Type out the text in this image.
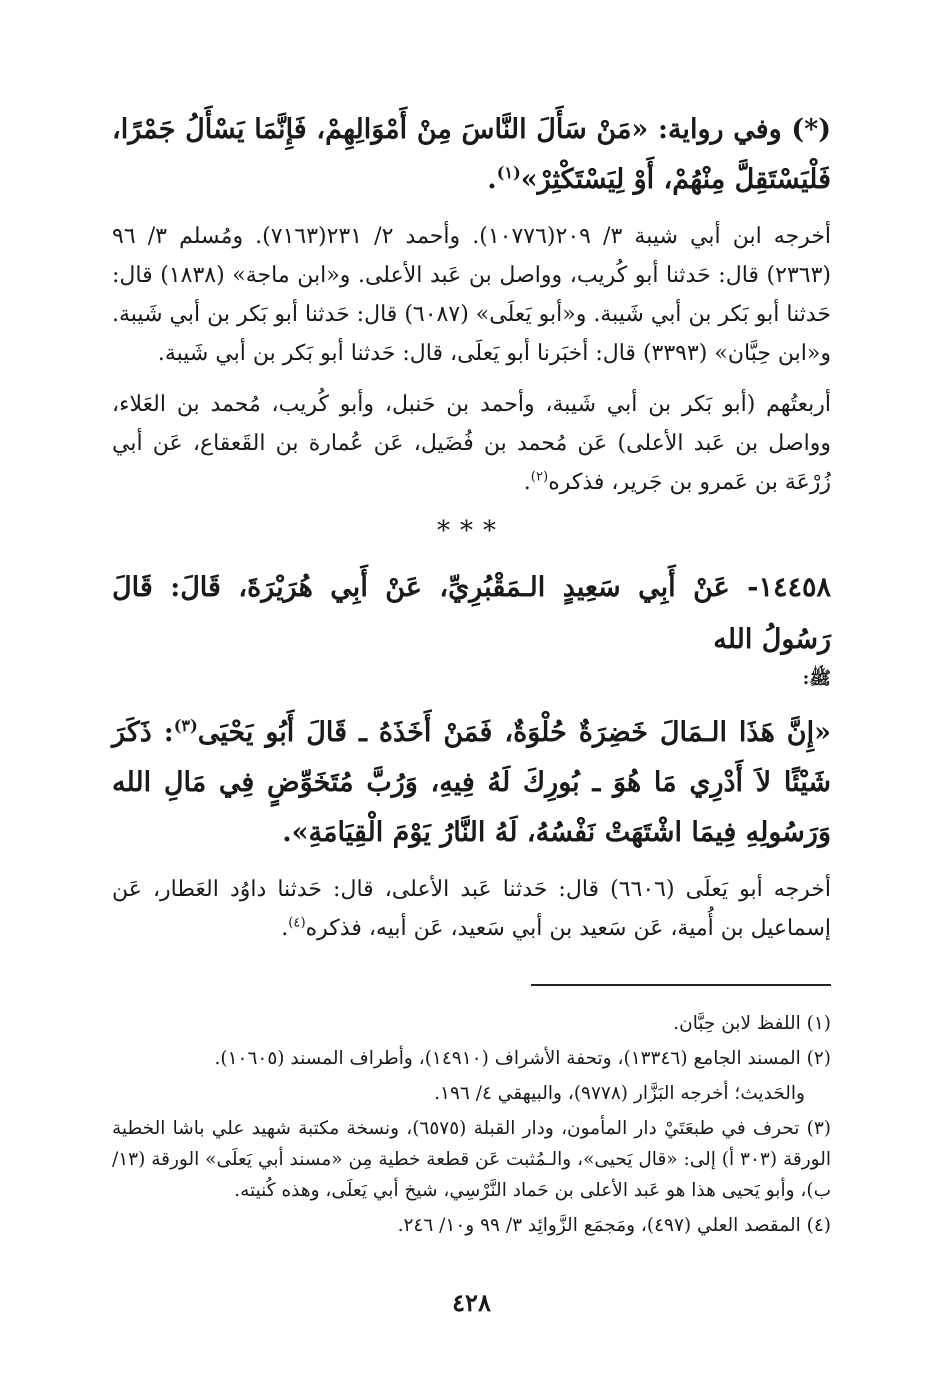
(*) وفي رواية: «مَنْ سَأَلَ النَّاسَ مِنْ أَمْوَالِهِمْ، فَإِنَّمَا يَسْأَلُ جَمْرًا، فَلْيَسْتَقِلَّ مِنْهُمْ، أَوْ لِيَسْتَكْثِرْ»$^{(١)}$.

أخرجه ابن أبي شيبة ٣/ ٢٠٩(١٠٧٧٦). وأحمد ٢/ ٢٣١(٧١٦٣). ومُسلم ٣/ ٩٦ (٢٣٦٣) قال: حَدثنا أبو كُريب، وواصل بن عَبد الأعلى. و«ابن ماجة» (١٨٣٨) قال: حَدثنا أبو بَكر بن أبي شَيبة. و«أبو يَعلَى» (٦٠٨٧) قال: حَدثنا أبو بَكر بن أبي شَيبة. و«ابن حِبَّان» (٣٣٩٣) قال: أخبَرنا أبو يَعلَى، قال: حَدثنا أبو بَكر بن أبي شَيبة.

أربعتُهم (أبو بَكر بن أبي شَيبة، وأحمد بن حَنبل، وأبو كُريب، مُحمد بن العَلاء، وواصل بن عَبد الأعلى) عَن مُحمد بن فُضَيل، عَن عُمارة بن القَعقاع، عَن أبي زُرْعَة بن عَمرو بن جَرير، فذكره$^{(٢)}$.

***

١٤٤٥٨- عَنْ أَبِي سَعِيدٍ الـمَقْبُرِيِّ، عَنْ أَبِي هُرَيْرَةَ، قَالَ: قَالَ رَسُولُ الله

ﷺ:

«إِنَّ هَذَا الـمَالَ خَضِرَةٌ حُلْوَةٌ، فَمَنْ أَخَذَهُ ـ قَالَ أَبُو يَحْيَى$^{(٣)}$: ذَكَرَ شَيْئًا لاَ أَدْرِي مَا هُوَ ـ بُورِكَ لَهُ فِيهِ، وَرُبَّ مُتَخَوِّضٍ فِي مَالِ الله وَرَسُولِهِ فِيمَا اشْتَهَتْ نَفْسُهُ، لَهُ النَّارُ يَوْمَ الْقِيَامَةِ».

أخرجه أبو يَعلَى (٦٦٠٦) قال: حَدثنا عَبد الأعلى، قال: حَدثنا داوُد العَطار، عَن إسماعيل بن أُمية، عَن سَعيد بن أبي سَعيد، عَن أبيه، فذكره$^{(٤)}$.

(١) اللفظ لابن حِبَّان.

(٢) المسند الجامع (١٣٣٤٦)، وتحفة الأشراف (١٤٩١٠)، وأطراف المسند (١٠٦٠٥).

والحَديث؛ أخرجه البَزَّار (٩٧٧٨)، والبيهقي ٤/ ١٩٦.

(٣) تحرف في طبعَتَيْ دار المأمون، ودار القبلة (٦٥٧٥)، ونسخة مكتبة شهيد علي باشا الخطية الورقة (٣٠٣ أ) إلى: «قال يَحيى»، والـمُثبت عَن قطعة خطية مِن «مسند أبي يَعلَى» الورقة (١٣/ ب)، وأبو يَحيى هذا هو عَبد الأعلى بن حَماد النَّرْسِي، شيخ أبي يَعلَى، وهذه كُنيته.

(٤) المقصد العلي (٤٩٧)، ومَجمَع الزَّوائِد ٣/ ٩٩ و١٠/ ٢٤٦.

٤٢٨
